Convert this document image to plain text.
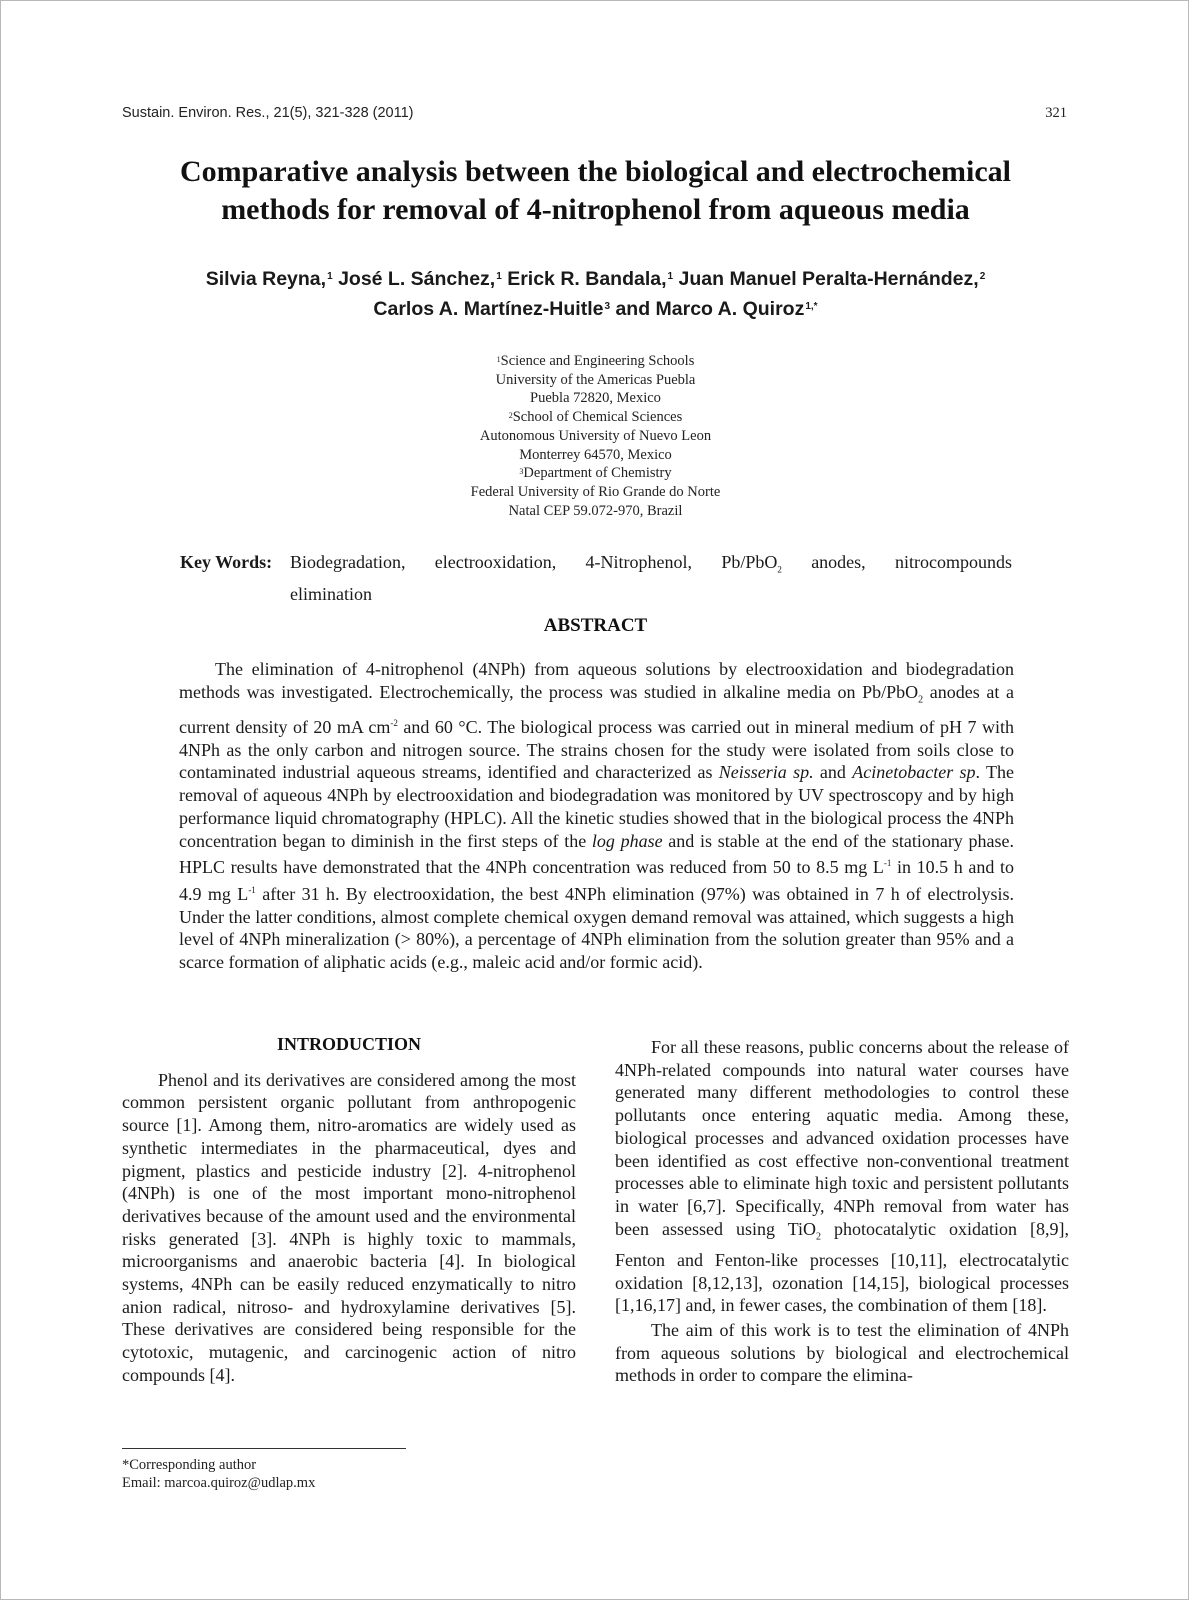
Sustain. Environ. Res., 21(5), 321-328 (2011)	321
Comparative analysis between the biological and electrochemical
methods for removal of 4-nitrophenol from aqueous media
Silvia Reyna,$^1$ José L. Sánchez,$^1$ Erick R. Bandala,$^1$ Juan Manuel Peralta-Hernández,$^2$
Carlos A. Martínez-Huitle$^3$ and Marco A. Quiroz$^{1,*}$
$^1$Science and Engineering Schools
University of the Americas Puebla
Puebla 72820, Mexico
$^2$School of Chemical Sciences
Autonomous University of Nuevo Leon
Monterrey 64570, Mexico
$^3$Department of Chemistry
Federal University of Rio Grande do Norte
Natal CEP 59.072-970, Brazil
Key Words: Biodegradation, electrooxidation, 4-Nitrophenol, Pb/PbO$_2$ anodes, nitrocompounds
elimination
ABSTRACT

The elimination of 4-nitrophenol (4NPh) from aqueous solutions by electrooxidation and biodegradation methods was investigated. Electrochemically, the process was studied in alkaline media on Pb/PbO$_2$ anodes at a current density of 20 mA $cm^{-2}$ and 60 °C. The biological process was carried out in mineral medium of pH 7 with 4NPh as the only carbon and nitrogen source. The strains chosen for the study were isolated from soils close to contaminated industrial aqueous streams, identified and characterized as Neisseria sp. and Acinetobacter sp. The removal of aqueous 4NPh by electrooxidation and biodegradation was monitored by UV spectroscopy and by high performance liquid chromatography (HPLC). All the kinetic studies showed that in the biological process the 4NPh concentration began to diminish in the first steps of the log phase and is stable at the end of the stationary phase. HPLC results have demonstrated that the 4NPh concentration was reduced from 50 to 8.5 mg $L^{-1}$ in 10.5 h and to 4.9 mg $L^{-1}$ after 31 h. By electrooxidation, the best 4NPh elimination (97%) was obtained in 7 h of electrolysis. Under the latter conditions, almost complete chemical oxygen demand removal was attained, which suggests a high level of 4NPh mineralization (> 80%), a percentage of 4NPh elimination from the solution greater than 95% and a scarce formation of aliphatic acids (e.g., maleic acid and/or formic acid).

INTRODUCTION

Phenol and its derivatives are considered among the most common persistent organic pollutant from anthropogenic source [1]. Among them, nitro-aromatics are widely used as synthetic intermediates in the pharmaceutical, dyes and pigment, plastics and pesticide industry [2]. 4-nitrophenol (4NPh) is one of the most important mono-nitrophenol derivatives because of the amount used and the environmental risks generated [3]. 4NPh is highly toxic to mammals, microorganisms and anaerobic bacteria [4]. In biological systems, 4NPh can be easily reduced enzymatically to nitro anion radical, nitroso- and hydroxylamine derivatives [5]. These derivatives are considered being responsible for the cytotoxic, mutagenic, and carcinogenic action of nitro compounds [4].

For all these reasons, public concerns about the release of 4NPh-related compounds into natural water courses have generated many different methodologies to control these pollutants once entering aquatic media. Among these, biological processes and advanced oxidation processes have been identified as cost effective non-conventional treatment processes able to eliminate high toxic and persistent pollutants in water [6,7]. Specifically, 4NPh removal from water has been assessed using TiO$_2$ photocatalytic oxidation [8,9], Fenton and Fenton-like processes [10,11], electrocatalytic oxidation [8,12,13], ozonation [14,15], biological processes [1,16,17] and, in fewer cases, the combination of them [18].

The aim of this work is to test the elimination of 4NPh from aqueous solutions by biological and electrochemical methods in order to compare the elimina-

*Corresponding author
Email: marcoa.quiroz@udlap.mx
